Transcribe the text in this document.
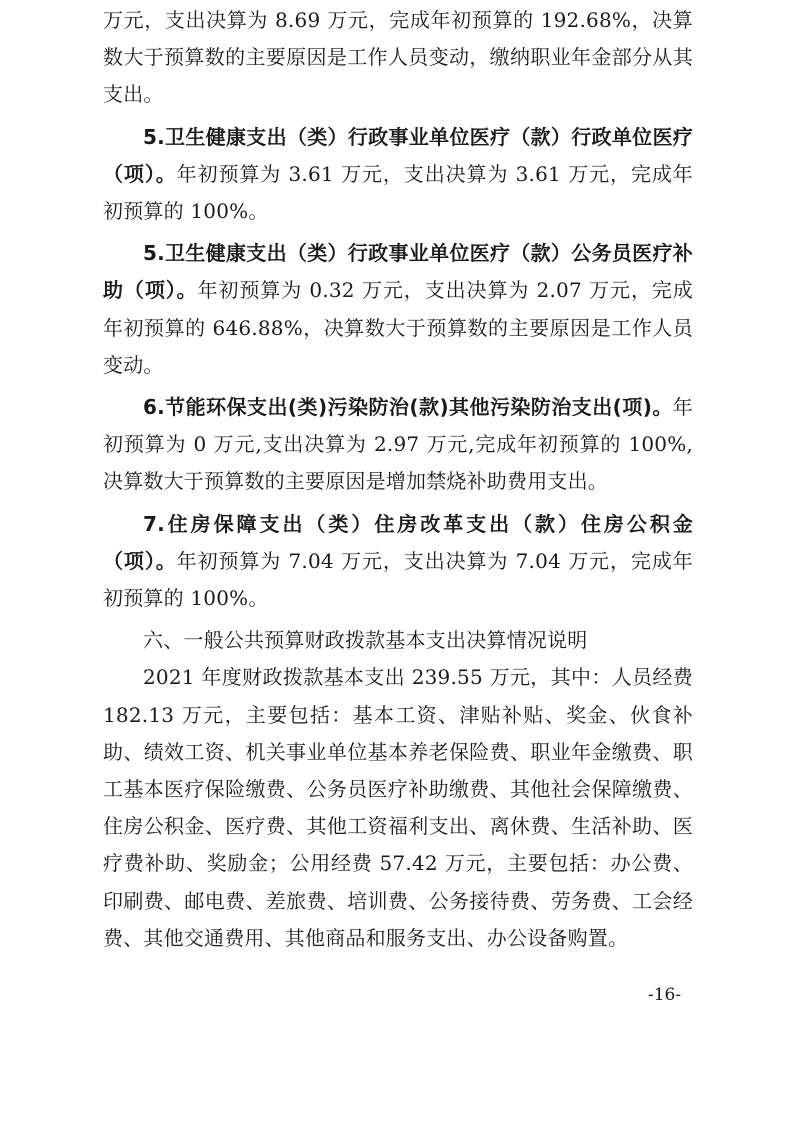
万元，支出决算为 8.69 万元，完成年初预算的 192.68%，决算数大于预算数的主要原因是工作人员变动，缴纳职业年金部分从其支出。

5.卫生健康支出（类）行政事业单位医疗（款）行政单位医疗（项）。年初预算为 3.61 万元，支出决算为 3.61 万元，完成年初预算的 100%。

5.卫生健康支出（类）行政事业单位医疗（款）公务员医疗补助（项）。年初预算为 0.32 万元，支出决算为 2.07 万元，完成年初预算的 646.88%，决算数大于预算数的主要原因是工作人员变动。

6.节能环保支出(类)污染防治(款)其他污染防治支出(项)。年初预算为 0 万元,支出决算为 2.97 万元,完成年初预算的 100%,决算数大于预算数的主要原因是增加禁烧补助费用支出。

7.住房保障支出（类）住房改革支出（款）住房公积金（项）。年初预算为 7.04 万元，支出决算为 7.04 万元，完成年初预算的 100%。

六、一般公共预算财政拨款基本支出决算情况说明

2021 年度财政拨款基本支出 239.55 万元，其中：人员经费 182.13 万元，主要包括：基本工资、津贴补贴、奖金、伙食补助、绩效工资、机关事业单位基本养老保险费、职业年金缴费、职工基本医疗保险缴费、公务员医疗补助缴费、其他社会保障缴费、住房公积金、医疗费、其他工资福利支出、离休费、生活补助、医疗费补助、奖励金；公用经费 57.42 万元，主要包括：办公费、印刷费、邮电费、差旅费、培训费、公务接待费、劳务费、工会经费、其他交通费用、其他商品和服务支出、办公设备购置。

-16-
